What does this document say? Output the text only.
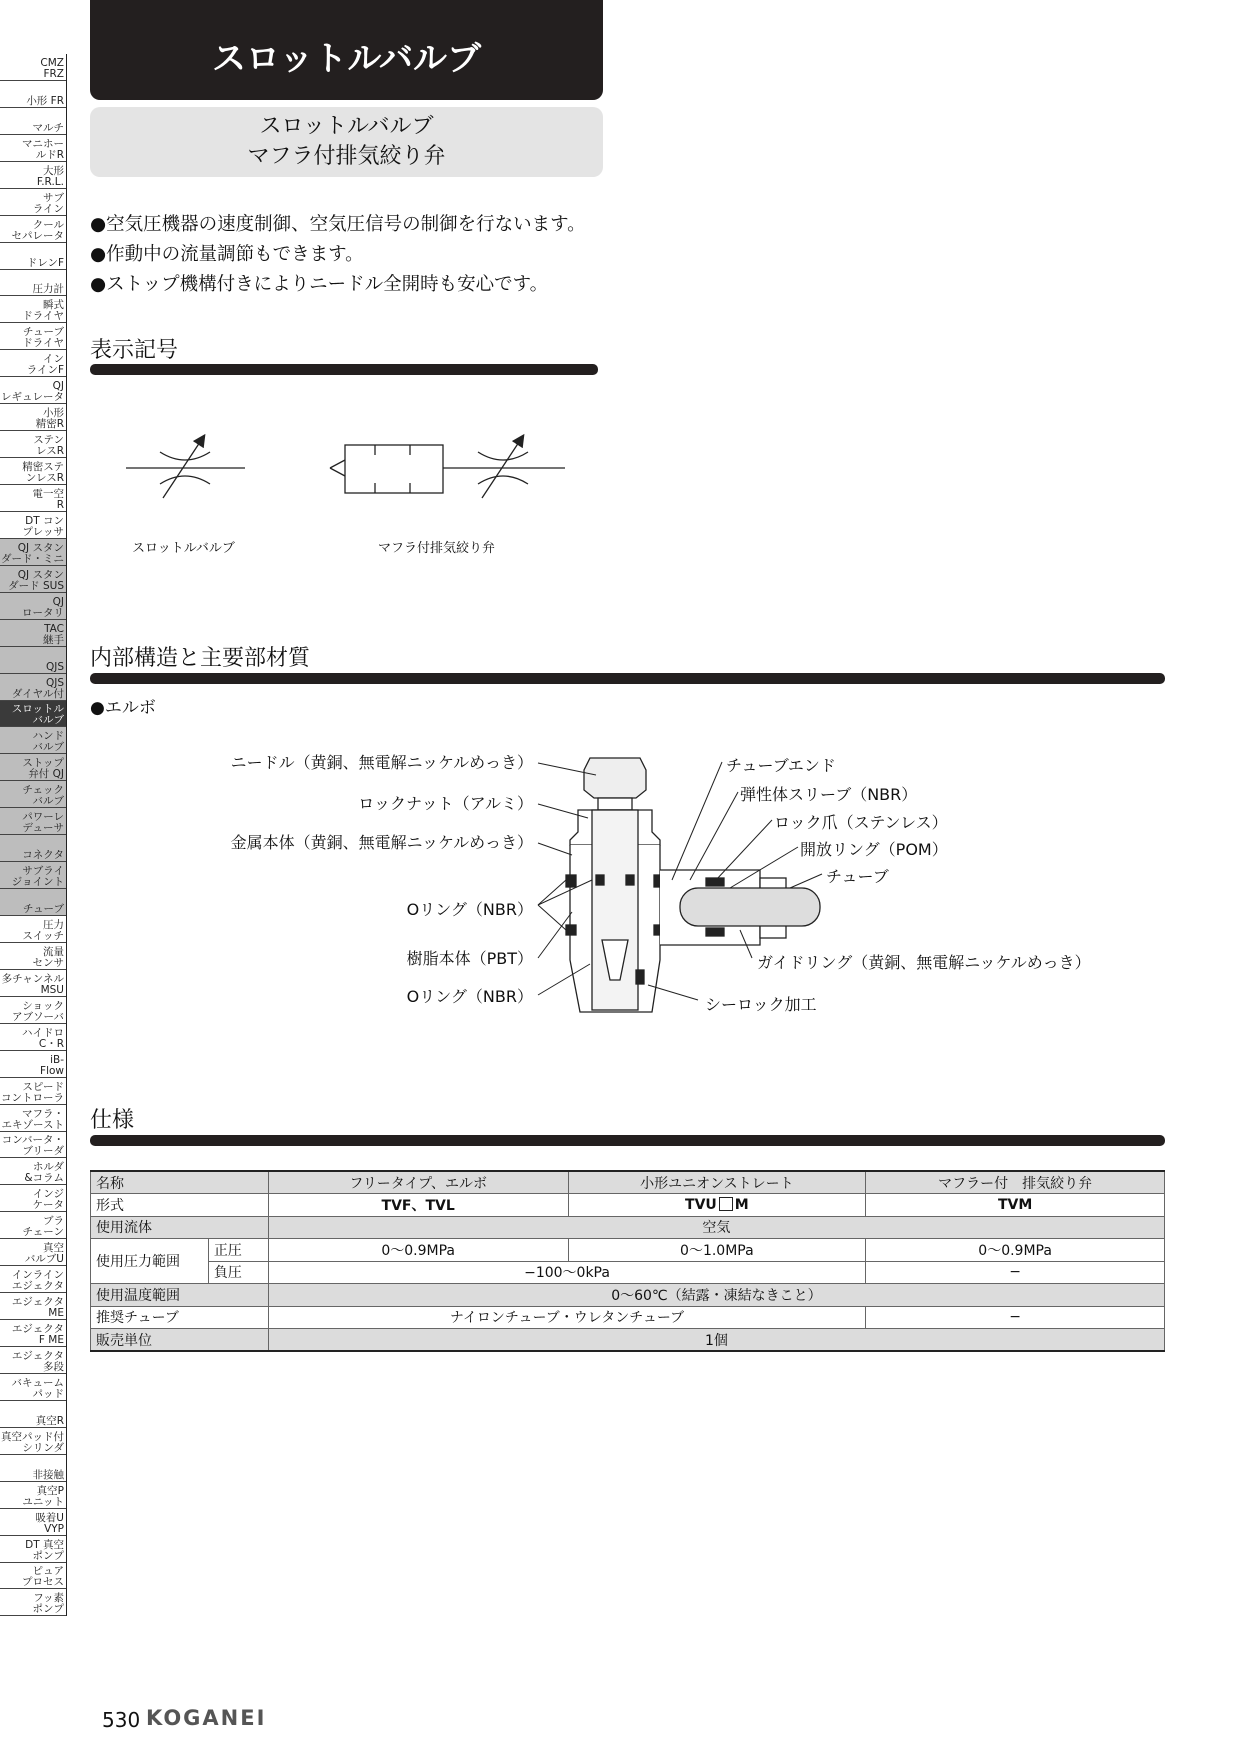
CMZ
FRZ
小形 FR
マルチ
マニホー
ルドR
大形
F.R.L.
サブ
ライン
クール
セパレータ
ドレンF
圧力計
瞬式
ドライヤ
チューブ
ドライヤ
イン
ラインF
QJ
レギュレータ
小形
精密R
ステン
レスR
精密ステ
ンレスR
電一空
R
DT コン
プレッサ
QJ スタン
ダード・ミニ
QJ スタン
ダード SUS
QJ
ロータリ
TAC
継手
QJS
QJS
ダイヤル付
スロットル
バルブ
ハンド
バルブ
ストップ
弁付 QJ
チェック
バルブ
パワーレ
デューサ
コネクタ
サブライ
ジョイント
チューブ
圧力
スイッチ
流量
センサ
多チャンネル
MSU
ショック
アブソーバ
ハイドロ
C・R
iB-
Flow
スピード
コントローラ
マフラ・
エキゾースト
コンバータ・
ブリーダ
ホルダ
&コラム
インジ
ケータ
ブラ
チェーン
真空
バルブU
インライン
エジェクタ
エジェクタ
ME
エジェクタ
F ME
エジェクタ
多段
バキューム
パッド
真空R
真空パッド付
シリンダ
非接触
真空P
ユニット
吸着U
VYP
DT 真空
ポンプ
ピュア
プロセス
フッ素
ポンプ
スロットルバルブ
スロットルバルブ
マフラ付排気絞り弁
●空気圧機器の速度制御、空気圧信号の制御を行ないます。
●作動中の流量調節もできます。
●ストップ機構付きによりニードル全開時も安心です。
表示記号
スロットルバルブ	マフラ付排気絞り弁
内部構造と主要部材質
●エルボ
ニードル（黄銅、無電解ニッケルめっき）
ロックナット（アルミ）
金属本体（黄銅、無電解ニッケルめっき）
Oリング（NBR）
樹脂本体（PBT）
Oリング（NBR）
チューブエンド
弾性体スリーブ（NBR）
ロック爪（ステンレス）
開放リング（POM）
チューブ
ガイドリング（黄銅、無電解ニッケルめっき）
シーロック加工
仕様
名称		フリータイプ、エルボ	小形ユニオンストレート	マフラー付　排気絞り弁
形式		TVF、TVL	TVU M	TVM
使用流体		空気		
使用圧力範囲	正圧	0～0.9MPa	0～1.0MPa	0～0.9MPa
	負圧	−100～0kPa		−
使用温度範囲		0～60℃（結露・凍結なきこと）		
推奨チューブ		ナイロンチューブ・ウレタンチューブ		−
販売単位		1個		
530 KOGANEI
